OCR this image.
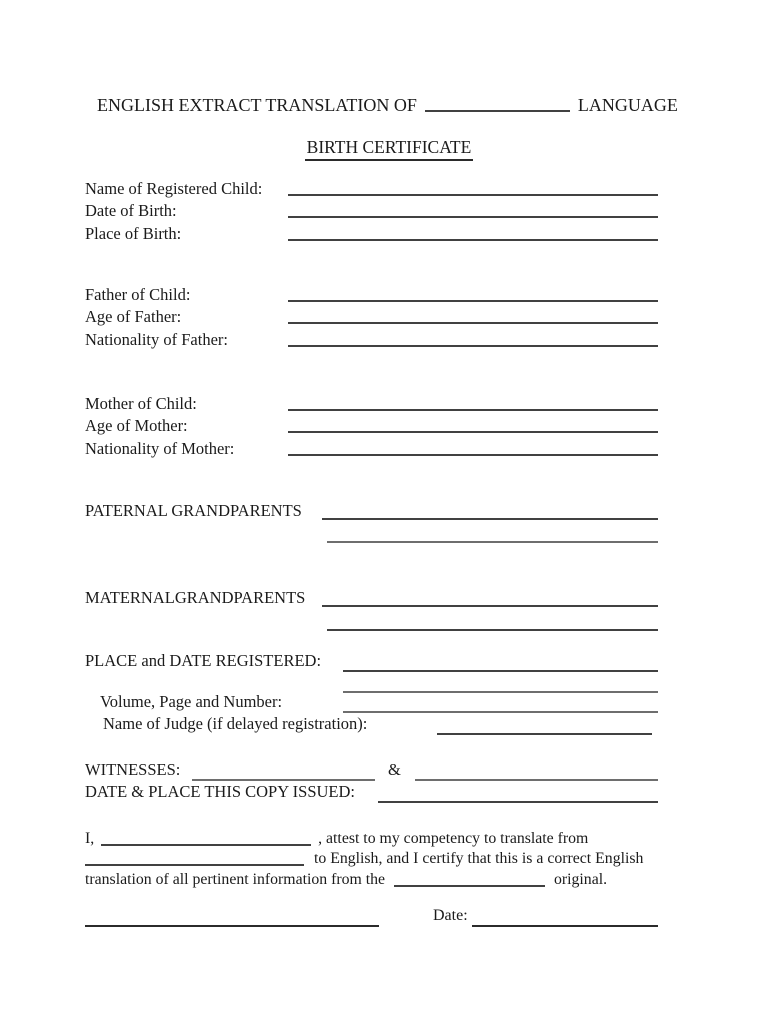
ENGLISH EXTRACT TRANSLATION OF	LANGUAGE
BIRTH CERTIFICATE
Name of Registered Child:
Date of Birth:
Place of Birth:
Father of Child:
Age of Father:
Nationality of Father:
Mother of Child:
Age of Mother:
Nationality of Mother:
PATERNAL GRANDPARENTS
MATERNALGRANDPARENTS
PLACE and DATE REGISTERED:
Volume, Page and Number:
Name of Judge (if delayed registration):
WITNESSES:	&
DATE & PLACE THIS COPY ISSUED:
I,	, attest to my competency to translate from
to English, and I certify that this is a correct English
translation of all pertinent information from the	original.
Date:
